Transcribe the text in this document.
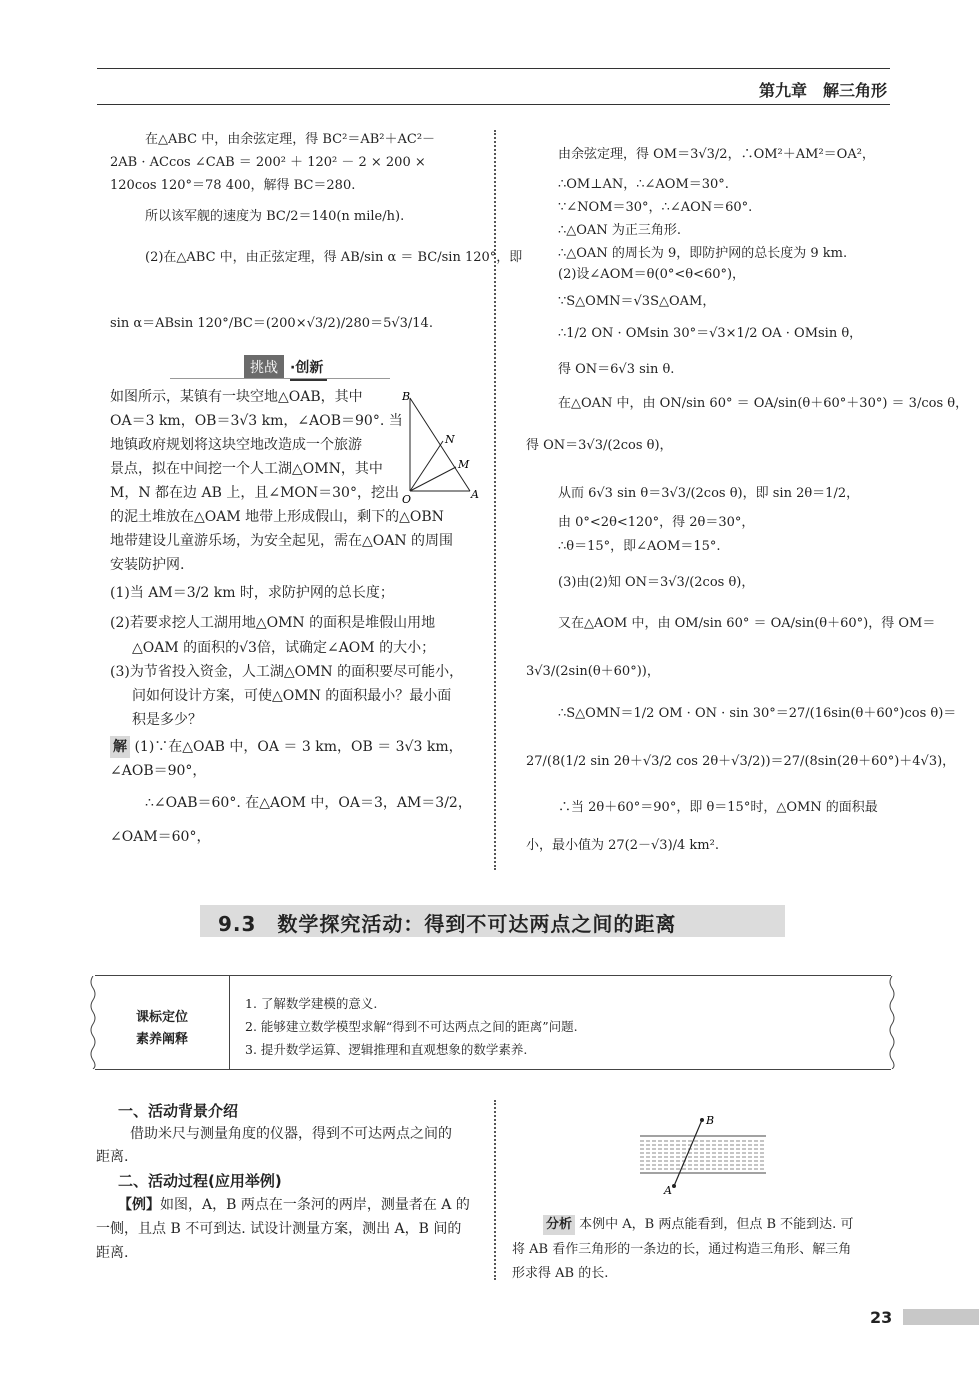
第九章　解三角形
在△ABC 中，由余弦定理，得 BC²＝AB²＋AC²－
2AB · ACcos ∠CAB ＝ 200² ＋ 120² － 2 × 200 ×
120cos 120°＝78 400，解得 BC＝280.
所以该军舰的速度为 BC/2＝140(n mile/h).
(2)在△ABC 中，由正弦定理，得 AB/sin α ＝ BC/sin 120°，即
sin α＝ABsin 120°/BC＝(200×√3/2)/280＝5√3/14.
挑战 ·创新
如图所示，某镇有一块空地△OAB，其中
OA＝3 km，OB＝3√3 km，∠AOB＝90°. 当
地镇政府规划将这块空地改造成一个旅游
景点，拟在中间挖一个人工湖△OMN，其中
M，N 都在边 AB 上，且∠MON＝30°，挖出
的泥土堆放在△OAM 地带上形成假山，剩下的△OBN
地带建设儿童游乐场，为安全起见，需在△OAN 的周围
安装防护网.
B
N
M
O	A
(1)当 AM＝3/2 km 时，求防护网的总长度；
(2)若要求挖人工湖用地△OMN 的面积是堆假山用地
△OAM 的面积的√3倍，试确定∠AOM 的大小；
(3)为节省投入资金，人工湖△OMN 的面积要尽可能小，
问如何设计方案，可使△OMN 的面积最小？最小面
积是多少？
解 (1)∵在△OAB 中，OA ＝ 3 km，OB ＝ 3√3 km，
∠AOB＝90°，
∴∠OAB＝60°. 在△AOM 中，OA＝3，AM＝3/2，
∠OAM＝60°，
由余弦定理，得 OM＝3√3/2，∴OM²＋AM²＝OA²，
∴OM⊥AN，∴∠AOM＝30°.
∵∠NOM＝30°，∴∠AON＝60°.
∴△OAN 为正三角形.
∴△OAN 的周长为 9，即防护网的总长度为 9 km.
(2)设∠AOM＝θ(0°<θ<60°)，
∵S△OMN＝√3S△OAM，
∴1/2 ON · OMsin 30°＝√3×1/2 OA · OMsin θ，
得 ON＝6√3 sin θ.
在△OAN 中，由 ON/sin 60° ＝ OA/sin(θ＋60°＋30°) ＝ 3/cos θ，
得 ON＝3√3/(2cos θ)，
从而 6√3 sin θ＝3√3/(2cos θ)，即 sin 2θ＝1/2，
由 0°<2θ<120°，得 2θ＝30°，
∴θ＝15°，即∠AOM＝15°.
(3)由(2)知 ON＝3√3/(2cos θ)，
又在△AOM 中，由 OM/sin 60° ＝ OA/sin(θ＋60°)，得 OM＝
3√3/(2sin(θ＋60°))，
∴S△OMN＝1/2 OM · ON · sin 30°＝27/(16sin(θ＋60°)cos θ)＝
27/(8(1/2 sin 2θ＋√3/2 cos 2θ＋√3/2))＝27/(8sin(2θ＋60°)＋4√3)，
∴当 2θ＋60°＝90°，即 θ＝15°时，△OMN 的面积最
小，最小值为 27(2－√3)/4 km².
9.3　数学探究活动：得到不可达两点之间的距离
课标定位
素养阐释
1. 了解数学建模的意义.
2. 能够建立数学模型求解“得到不可达两点之间的距离”问题.
3. 提升数学运算、逻辑推理和直观想象的数学素养.
一、活动背景介绍
借助米尺与测量角度的仪器，得到不可达两点之间的
距离.
二、活动过程(应用举例)
【例】如图，A，B 两点在一条河的两岸，测量者在 A 的
一侧，且点 B 不可到达. 试设计测量方案，测出 A，B 间的
距离.
B
A
分析 本例中 A，B 两点能看到，但点 B 不能到达. 可
将 AB 看作三角形的一条边的长，通过构造三角形、解三角
形求得 AB 的长.
23
